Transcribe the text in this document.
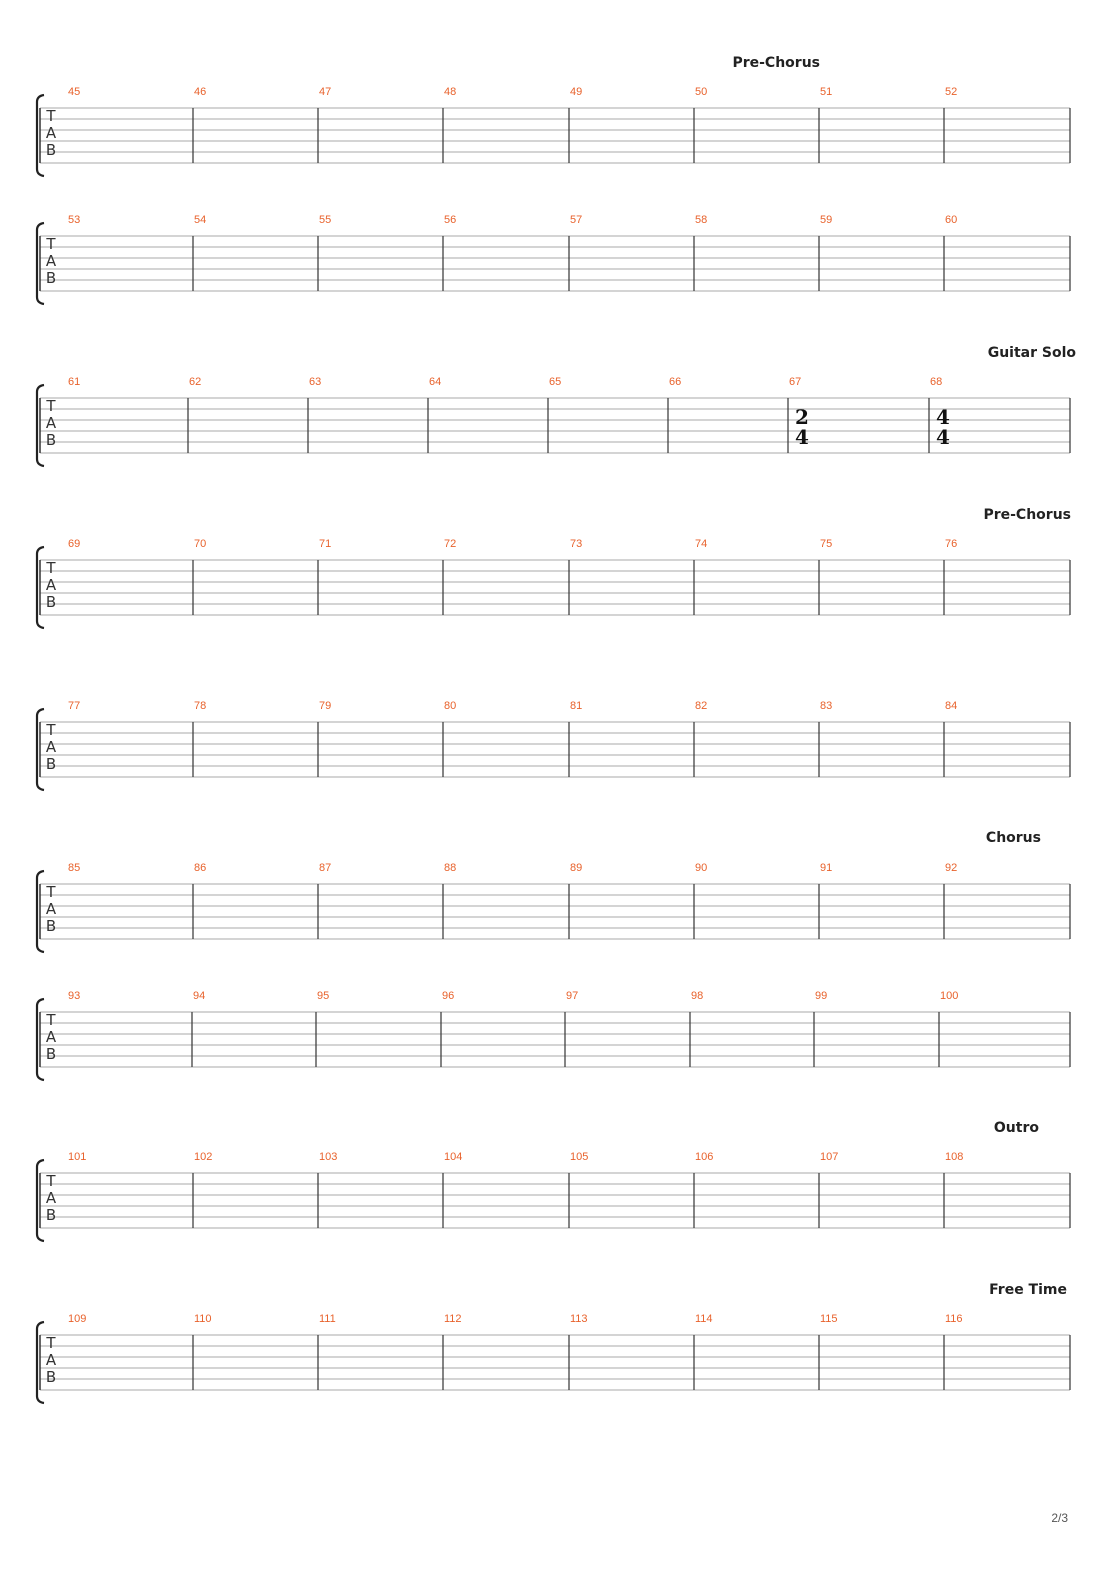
T
A
B
45	46	47	48	49	50	51	52
Pre-Chorus
T
A
B
53	54	55	56	57	58	59	60
T
A
B
61	62	63	64	65	66	67	68
Guitar Solo
2
4
4
4
T
A
B
69	70	71	72	73	74	75	76
Pre-Chorus
T
A
B
77	78	79	80	81	82	83	84
T
A
B
85	86	87	88	89	90	91	92
Chorus
T
A
B
93	94	95	96	97	98	99	100
T
A
B
101	102	103	104	105	106	107	108
Outro
T
A
B
109	110	111	112	113	114	115	116
Free Time
2/3
